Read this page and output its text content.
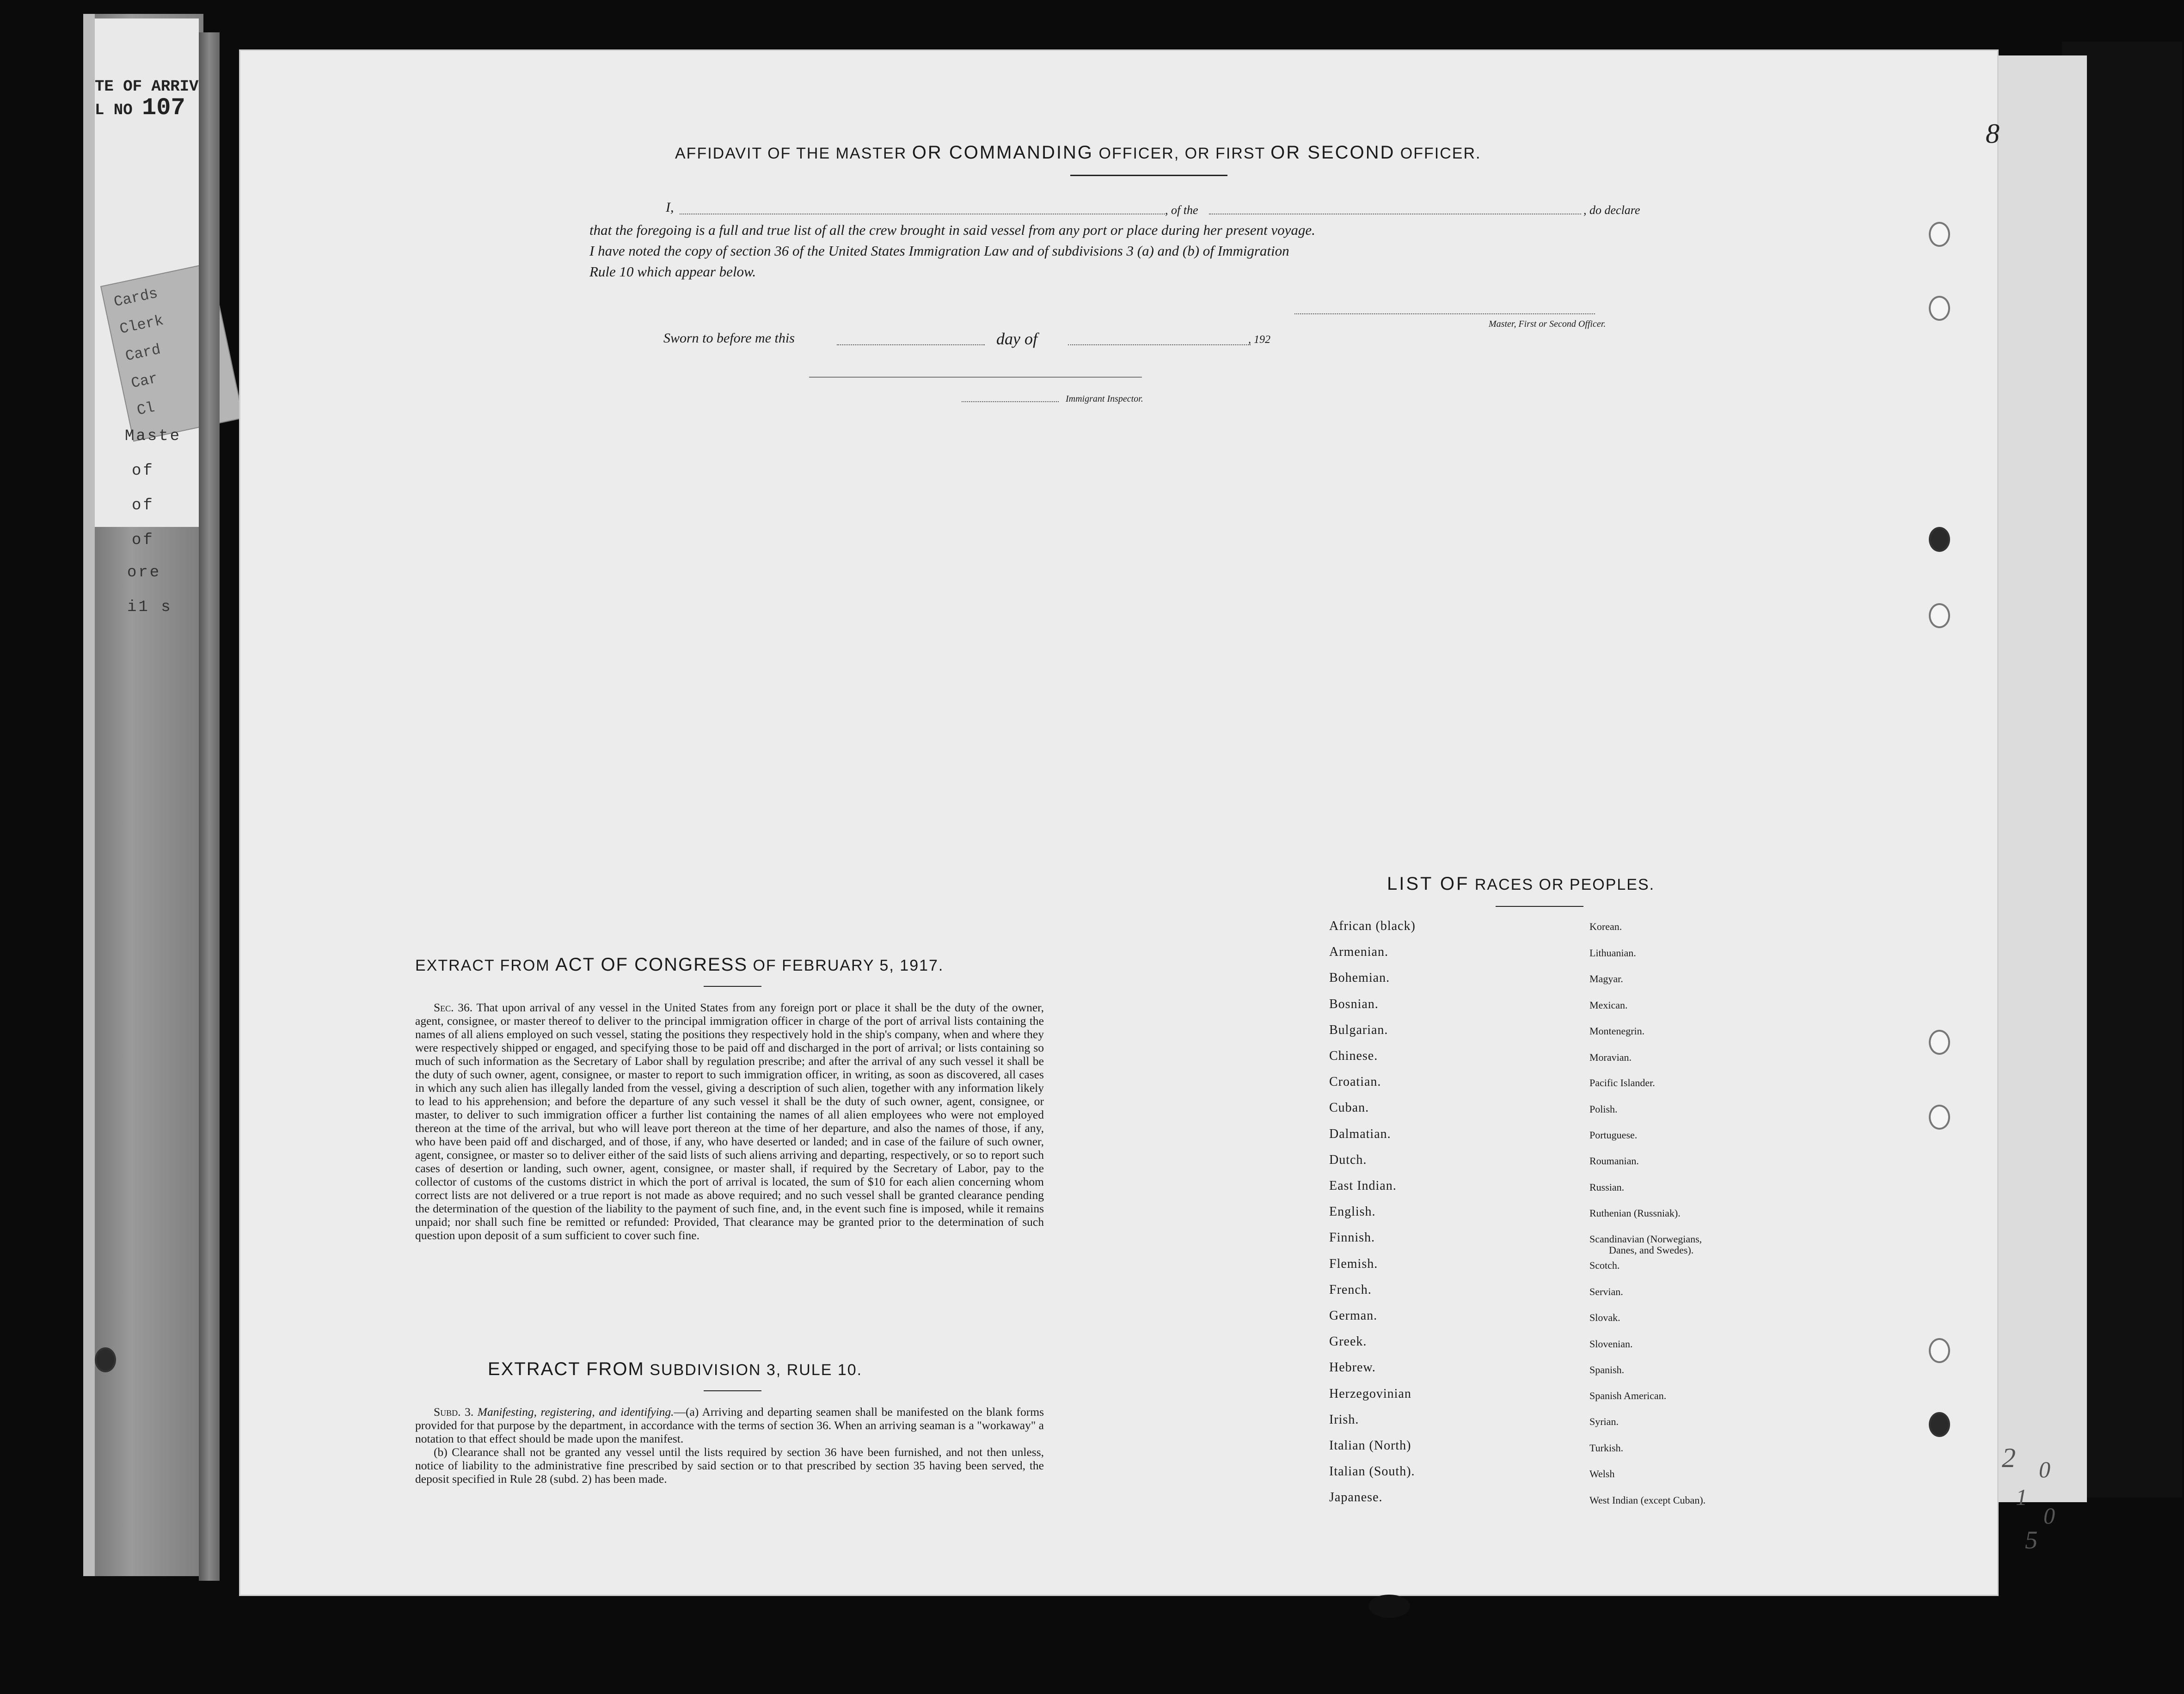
TE OF ARRIV
L NO 107
Cards
Clerk
Card
Car
Cl
Maste
of
of
of
ore
i1 s
8
2 0
1
0
5
AFFIDAVIT OF THE MASTER OR COMMANDING OFFICER, OR FIRST OR SECOND OFFICER.
I,	, of the	, do declare
that the foregoing is a full and true list of all the crew brought in said vessel from any port or place during her present voyage.
I have noted the copy of section 36 of the United States Immigration Law and of subdivisions 3 (a) and (b) of Immigration
Rule 10 which appear below.
Master, First or Second Officer.
Sworn to before me this	day of	, 192
Immigrant Inspector.
EXTRACT FROM ACT OF CONGRESS OF FEBRUARY 5, 1917.
Sec. 36. That upon arrival of any vessel in the United States from any foreign port or place it shall be the duty of the owner, agent, consignee, or master thereof to deliver to the principal immigration officer in charge of the port of arrival lists containing the names of all aliens employed on such vessel, stating the positions they respectively hold in the ship's company, when and where they were respectively shipped or engaged, and specifying those to be paid off and discharged in the port of arrival; or lists containing so much of such information as the Secretary of Labor shall by regulation prescribe; and after the arrival of any such vessel it shall be the duty of such owner, agent, consignee, or master to report to such immigration officer, in writing, as soon as discovered, all cases in which any such alien has illegally landed from the vessel, giving a description of such alien, together with any information likely to lead to his apprehension; and before the departure of any such vessel it shall be the duty of such owner, agent, consignee, or master, to deliver to such immigration officer a further list containing the names of all alien employees who were not employed thereon at the time of the arrival, but who will leave port thereon at the time of her departure, and also the names of those, if any, who have been paid off and discharged, and of those, if any, who have deserted or landed; and in case of the failure of such owner, agent, consignee, or master so to deliver either of the said lists of such aliens arriving and departing, respectively, or so to report such cases of desertion or landing, such owner, agent, consignee, or master shall, if required by the Secretary of Labor, pay to the collector of customs of the customs district in which the port of arrival is located, the sum of $10 for each alien concerning whom correct lists are not delivered or a true report is not made as above required; and no such vessel shall be granted clearance pending the determination of the question of the liability to the payment of such fine, and, in the event such fine is imposed, while it remains unpaid; nor shall such fine be remitted or refunded: Provided, That clearance may be granted prior to the determination of such question upon deposit of a sum sufficient to cover such fine.
EXTRACT FROM SUBDIVISION 3, RULE 10.

Subd. 3. Manifesting, registering, and identifying.—(a) Arriving and departing seamen shall be manifested on the blank forms provided for that purpose by the department, in accordance with the terms of section 36. When an arriving seaman is a "workaway" a notation to that effect should be made upon the manifest.

(b) Clearance shall not be granted any vessel until the lists required by section 36 have been furnished, and not then unless, notice of liability to the administrative fine prescribed by said section or to that prescribed by section 35 having been served, the deposit specified in Rule 28 (subd. 2) has been made.

LIST OF RACES OR PEOPLES.
African (black)
Armenian.
Bohemian.
Bosnian.
Bulgarian.
Chinese.
Croatian.
Cuban.
Dalmatian.
Dutch.
East Indian.
English.
Finnish.
Flemish.
French.
German.
Greek.
Hebrew.
Herzegovinian
Irish.
Italian (North)
Italian (South).
Japanese.
Korean.
Lithuanian.
Magyar.
Mexican.
Montenegrin.
Moravian.
Pacific Islander.
Polish.
Portuguese.
Roumanian.
Russian.
Ruthenian (Russniak).
Scandinavian (Norwegians,
Danes, and Swedes).
Scotch.
Servian.
Slovak.
Slovenian.
Spanish.
Spanish American.
Syrian.
Turkish.
Welsh
West Indian (except Cuban).
